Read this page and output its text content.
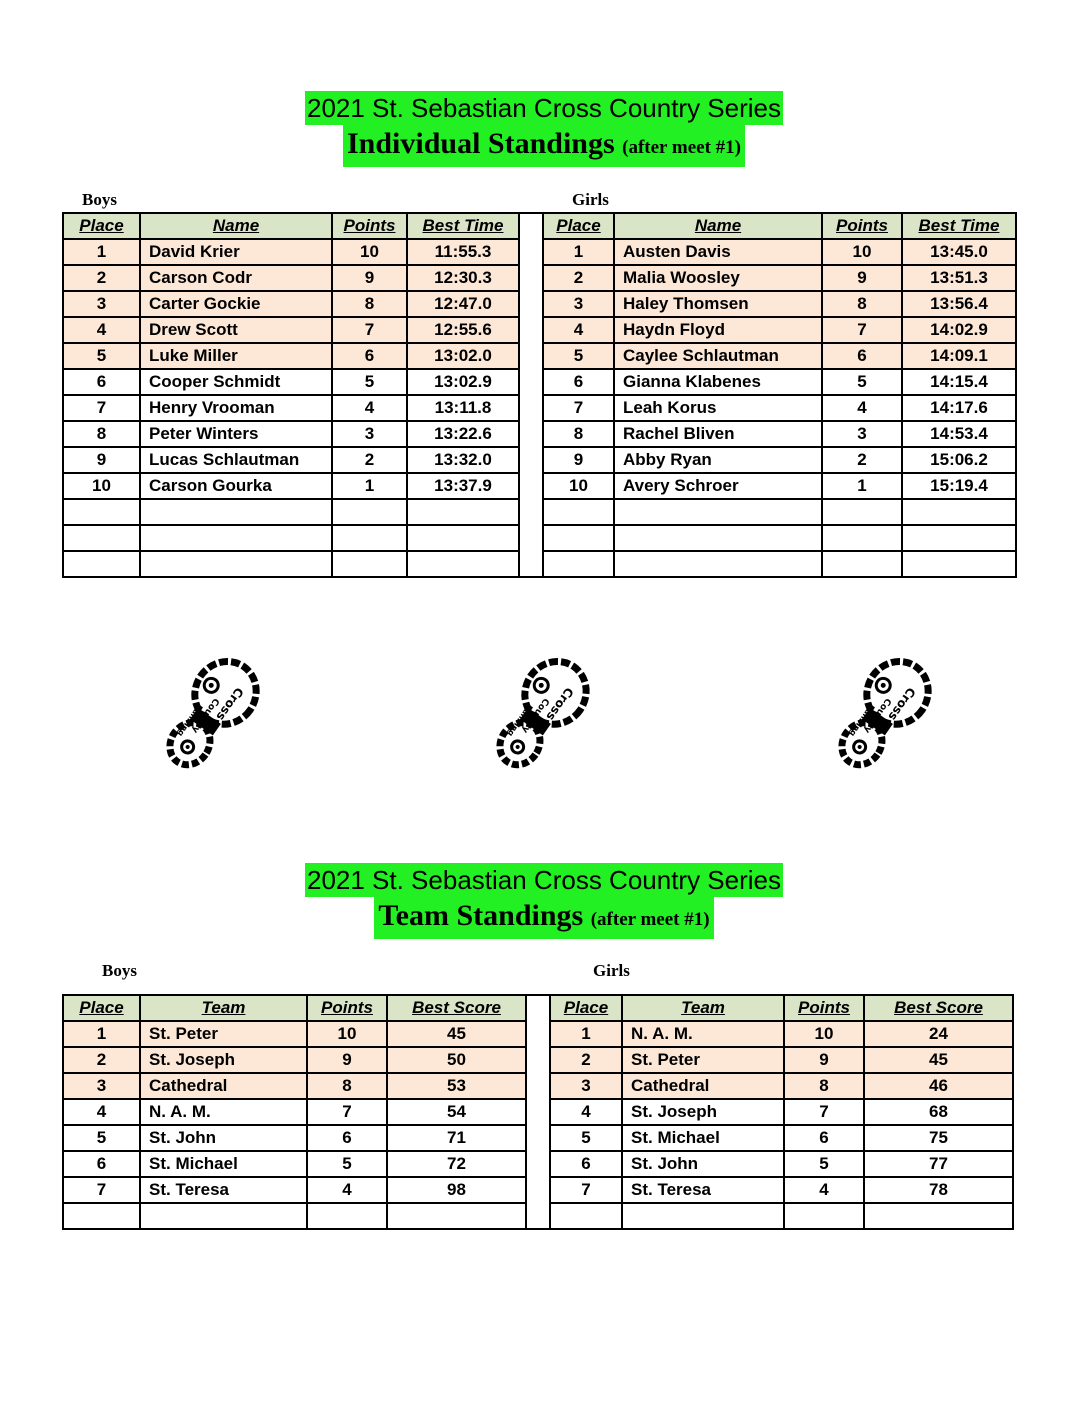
2021 St. Sebastian Cross Country Series
Individual Standings (after meet #1)
Boys	Girls
Place	Name	Points	Best Time		Place	Name	Points	Best Time
1	David Krier	10	11:55.3		1	Austen Davis	10	13:45.0
2	Carson Codr	9	12:30.3		2	Malia Woosley	9	13:51.3
3	Carter Gockie	8	12:47.0		3	Haley Thomsen	8	13:56.4
4	Drew Scott	7	12:55.6		4	Haydn Floyd	7	14:02.9
5	Luke Miller	6	13:02.0		5	Caylee Schlautman	6	14:09.1
6	Cooper Schmidt	5	13:02.9		6	Gianna Klabenes	5	14:15.4
7	Henry Vrooman	4	13:11.8		7	Leah Korus	4	14:17.6
8	Peter Winters	3	13:22.6		8	Rachel Bliven	3	14:53.4
9	Lucas Schlautman	2	13:32.0		9	Abby Ryan	2	15:06.2
10	Carson Gourka	1	13:37.9		10	Avery Schroer	1	15:19.4

2021 St. Sebastian Cross Country Series
Team Standings (after meet #1)
Boys	Girls
Place	Team	Points	Best Score		Place	Team	Points	Best Score
1	St. Peter	10	45		1	N. A. M.	10	24
2	St. Joseph	9	50		2	St. Peter	9	45
3	Cathedral	8	53		3	Cathedral	8	46
4	N. A. M.	7	54		4	St. Joseph	7	68
5	St. John	6	71		5	St. Michael	6	75
6	St. Michael	5	72		6	St. John	5	77
7	St. Teresa	4	98		7	St. Teresa	4	78
